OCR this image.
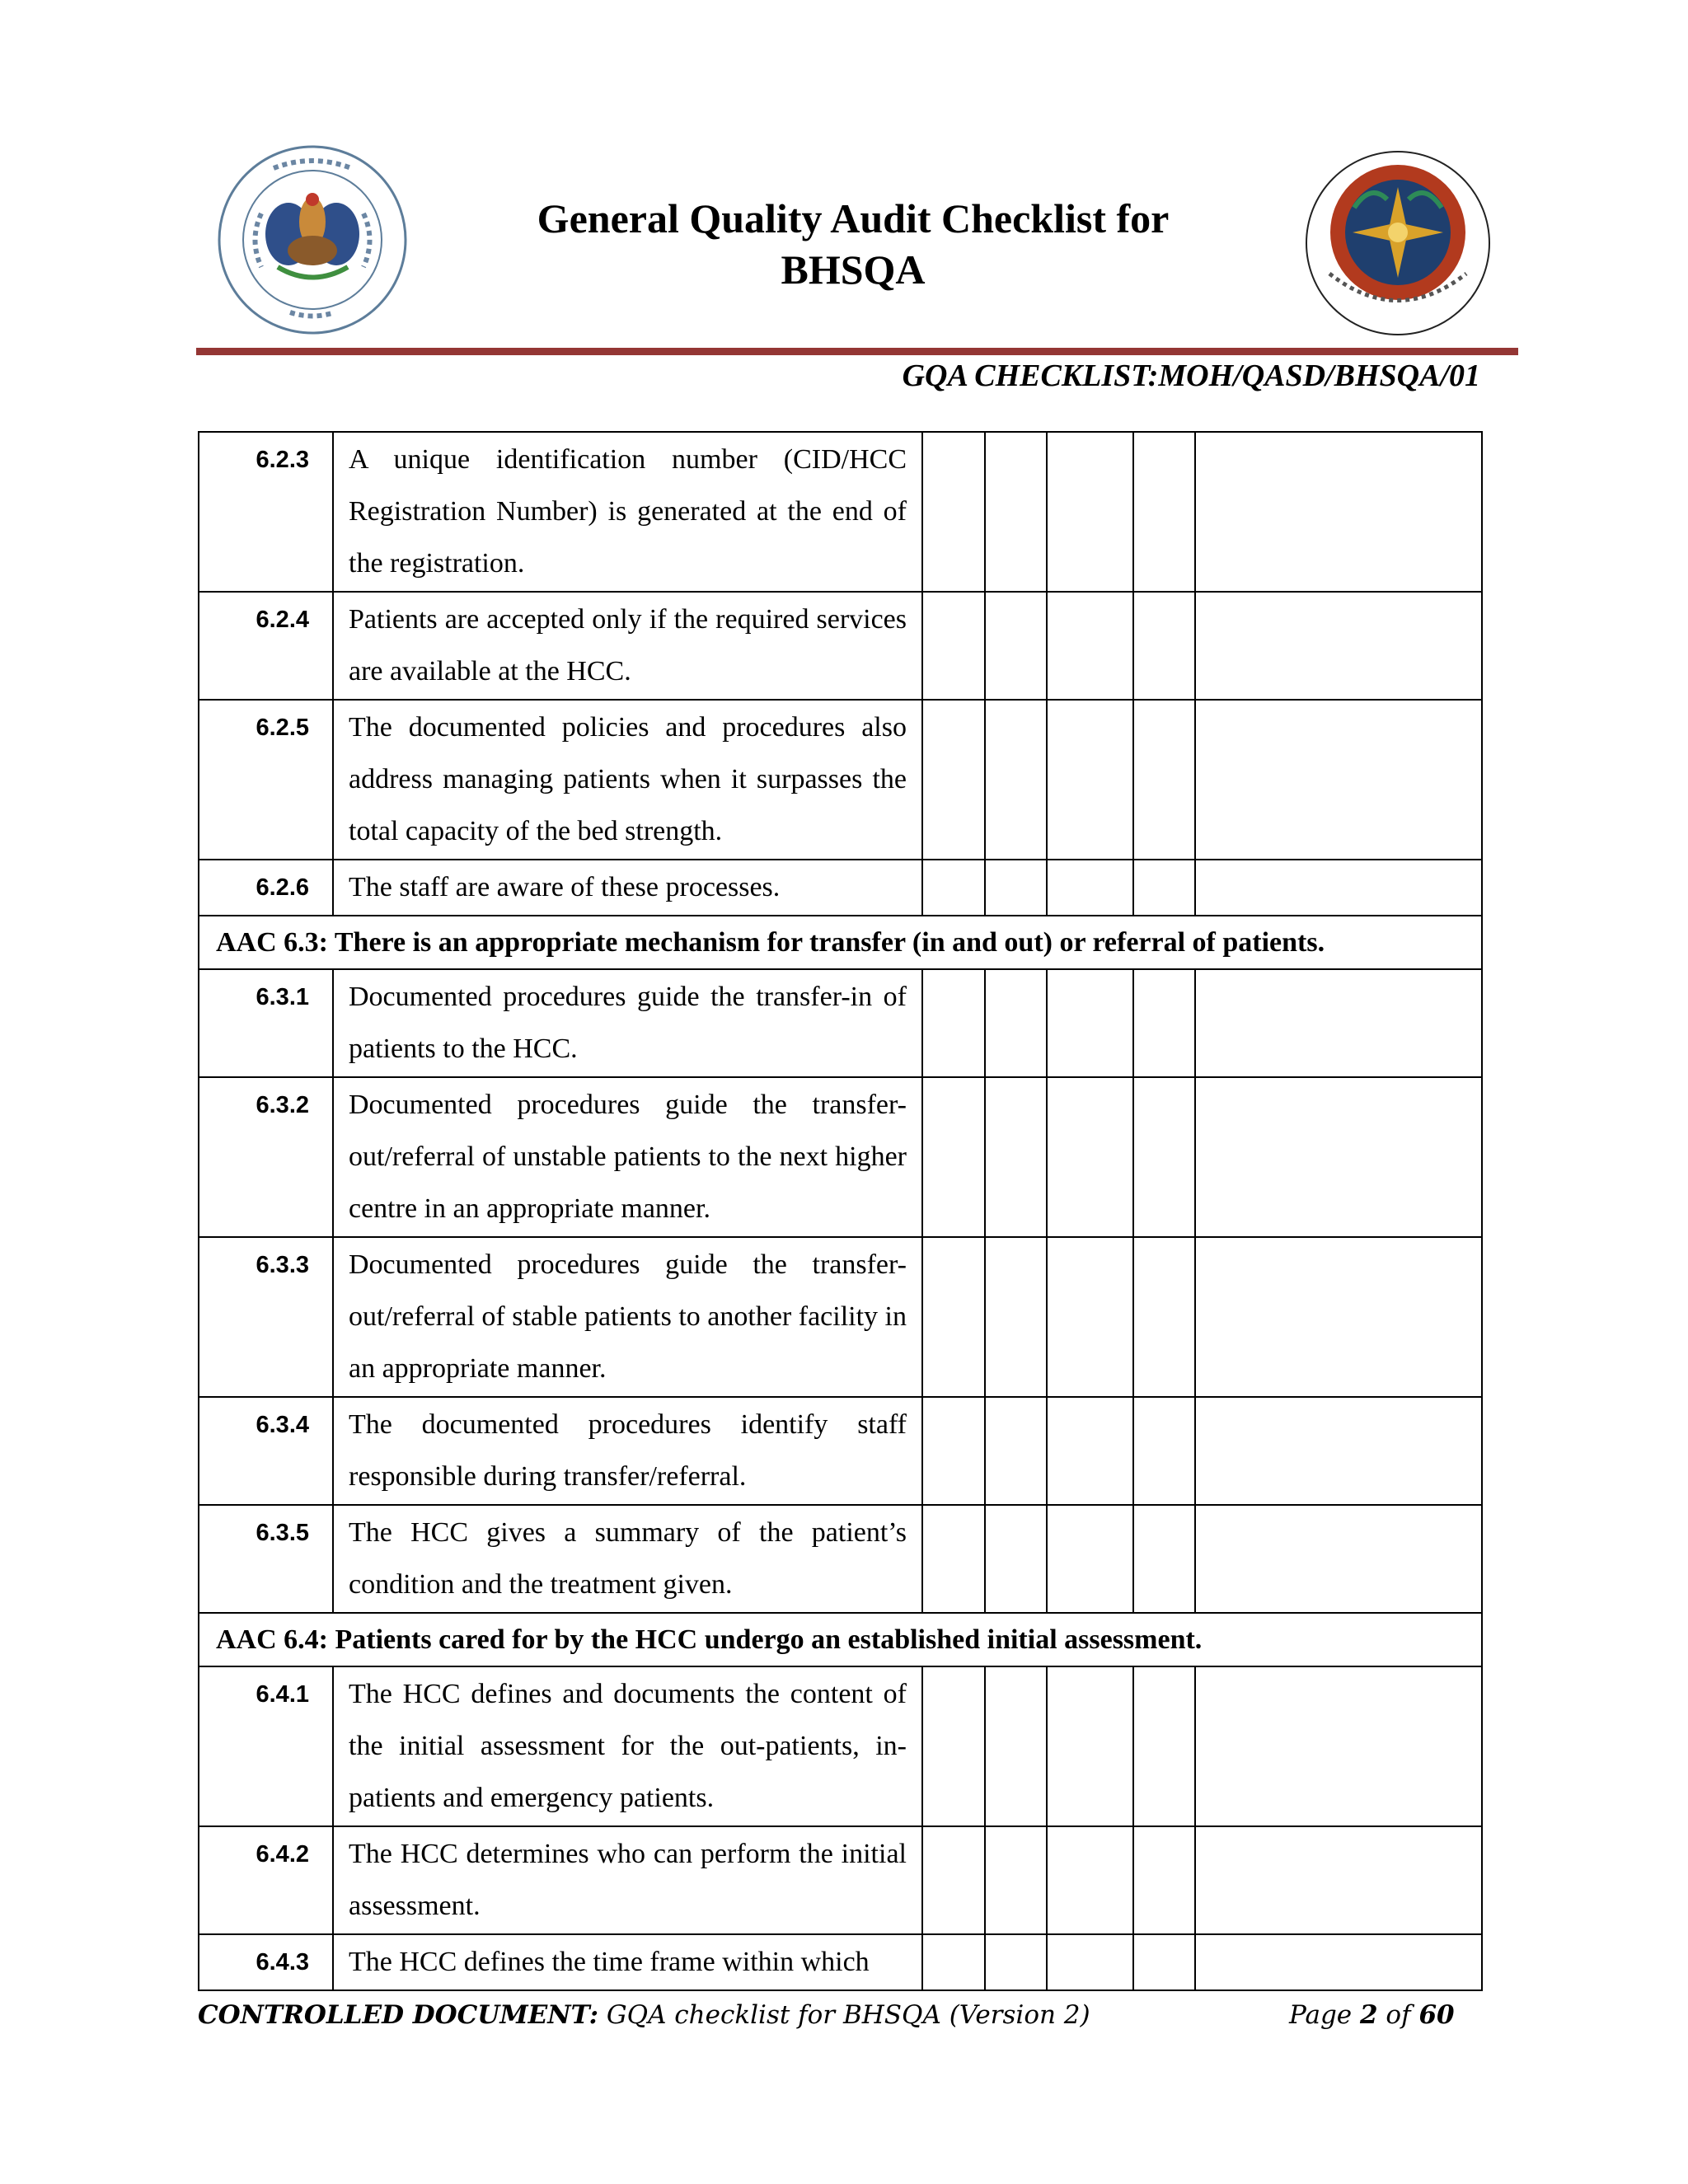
General Quality Audit Checklist for
BHSQA
GQA CHECKLIST:MOH/QASD/BHSQA/01
6.2.3	A unique identification number (CID/HCC Registration Number) is generated at the end of the registration.					

6.2.4	Patients are accepted only if the required services are available at the HCC.					

6.2.5	The documented policies and procedures also address managing patients when it surpasses the total capacity of the bed strength.					

6.2.6	The staff are aware of these processes.					

AAC 6.3: There is an appropriate mechanism for transfer (in and out) or referral of patients.						
6.3.1	Documented procedures guide the transfer-in of patients to the HCC.					

6.3.2	Documented procedures guide the transfer-out/referral of unstable patients to the next higher centre in an appropriate manner.					

6.3.3	Documented procedures guide the transfer-out/referral of stable patients to another facility in an appropriate manner.					

6.3.4	The documented procedures identify staff responsible during transfer/referral.					

6.3.5	The HCC gives a summary of the patient’s condition and the treatment given.					

AAC 6.4: Patients cared for by the HCC undergo an established initial assessment.						
6.4.1	The HCC defines and documents the content of the initial assessment for the out-patients, in-patients and emergency patients.					

6.4.2	The HCC determines who can perform the initial assessment.					

6.4.3	The HCC defines the time frame within which					

CONTROLLED DOCUMENT: GQA checklist for BHSQA (Version 2)	Page 2 of 60
